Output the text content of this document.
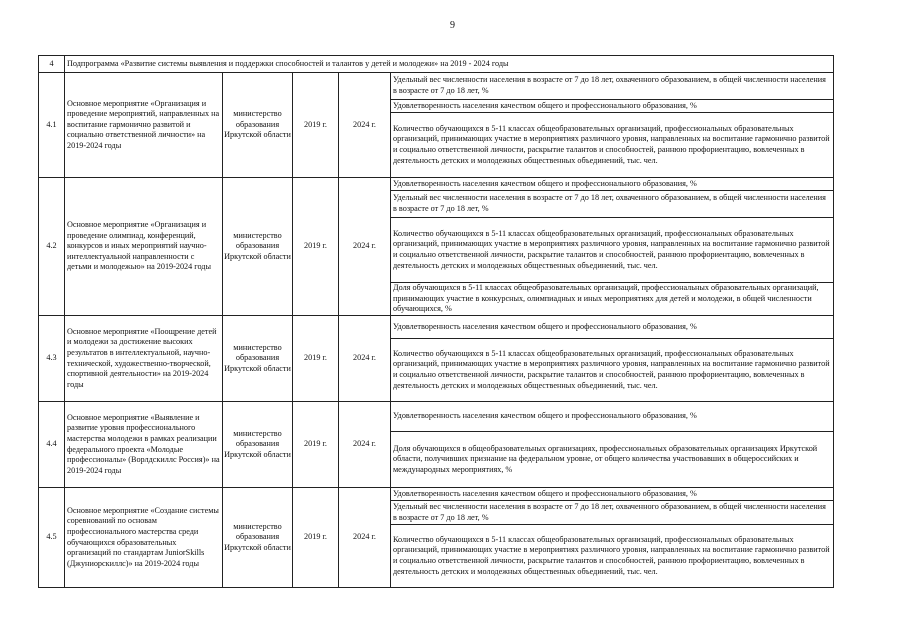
9
4	Подпрограмма «Развитие системы выявления и поддержки способностей и талантов у детей и молодежи» на 2019 - 2024 годы				
4.1	Основное мероприятие «Организация и проведение мероприятий, направленных на воспитание гармонично развитой и социально ответственной личности» на 2019-2024 годы	министерство образования Иркутской области	2019 г.	2024 г.	Удельный вес численности населения в возрасте от 7 до 18 лет, охваченного образованием, в общей численности населения в возрасте от 7 до 18 лет, %
Удовлетворенность населения качеством общего и профессионального образования, %
Количество обучающихся в 5-11 классах общеобразовательных организаций, профессиональных образовательных организаций, принимающих участие в мероприятиях различного уровня, направленных на воспитание гармонично развитой и социально ответственной личности, раскрытие талантов и способностей, раннюю профориентацию, вовлеченных в деятельность детских и молодежных общественных объединений, тыс. чел.

4.2	Основное мероприятие «Организация и проведение олимпиад, конференций, конкурсов и иных мероприятий научно-интеллектуальной направленности с детьми и молодежью» на 2019-2024 годы	министерство образования Иркутской области	2019 г.	2024 г.	Удовлетворенность населения качеством общего и профессионального образования, %
Удельный вес численности населения в возрасте от 7 до 18 лет, охваченного образованием, в общей численности населения в возрасте от 7 до 18 лет, %
Количество обучающихся в 5-11 классах общеобразовательных организаций, профессиональных образовательных организаций, принимающих участие в мероприятиях различного уровня, направленных на воспитание гармонично развитой и социально ответственной личности, раскрытие талантов и способностей, раннюю профориентацию, вовлеченных в деятельность детских и молодежных общественных объединений, тыс. чел.
Доля обучающихся в 5-11 классах общеобразовательных организаций, профессиональных образовательных организаций, принимающих участие в конкурсных, олимпиадных и иных мероприятиях для детей и молодежи, в общей численности обучающихся, %

4.3	Основное мероприятие «Поощрение детей и молодежи за достижение высоких результатов в интеллектуальной, научно-технической, художественно-творческой, спортивной деятельности» на 2019-2024 годы	министерство образования Иркутской области	2019 г.	2024 г.	Удовлетворенность населения качеством общего и профессионального образования, %
Количество обучающихся в 5-11 классах общеобразовательных организаций, профессиональных образовательных организаций, принимающих участие в мероприятиях различного уровня, направленных на воспитание гармонично развитой и социально ответственной личности, раскрытие талантов и способностей, раннюю профориентацию, вовлеченных в деятельность детских и молодежных общественных объединений, тыс. чел.

4.4	Основное мероприятие «Выявление и развитие уровня профессионального мастерства молодежи в рамках реализации федерального проекта «Молодые профессионалы» (Ворлдскиллс Россия)» на 2019-2024 годы	министерство образования Иркутской области	2019 г.	2024 г.	Удовлетворенность населения качеством общего и профессионального образования, %
Доля обучающихся в общеобразовательных организациях, профессиональных образовательных организациях Иркутской области, получивших признание на федеральном уровне, от общего количества участвовавших в общероссийских и международных мероприятиях, %

4.5	Основное мероприятие «Создание системы соревнований по основам профессионального мастерства среди обучающихся образовательных организаций по стандартам JuniorSkills (Джуниорскиллс)» на 2019-2024 годы	министерство образования Иркутской области	2019 г.	2024 г.	Удовлетворенность населения качеством общего и профессионального образования, %
Удельный вес численности населения в возрасте от 7 до 18 лет, охваченного образованием, в общей численности населения в возрасте от 7 до 18 лет, %
Количество обучающихся в 5-11 классах общеобразовательных организаций, профессиональных образовательных организаций, принимающих участие в мероприятиях различного уровня, направленных на воспитание гармонично развитой и социально ответственной личности, раскрытие талантов и способностей, раннюю профориентацию, вовлеченных в деятельность детских и молодежных общественных объединений, тыс. чел.
